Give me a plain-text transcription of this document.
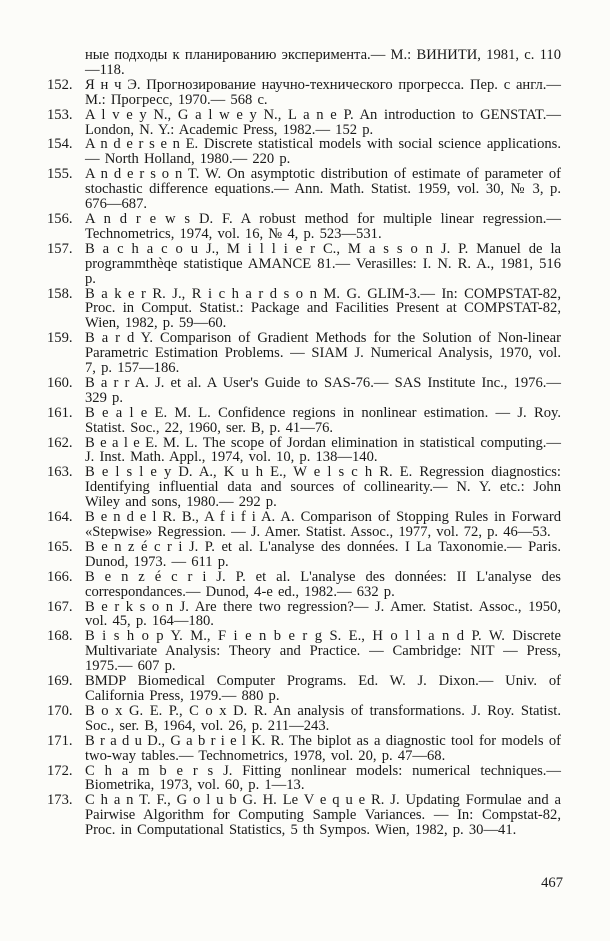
ные подходы к планированию эксперимента.— М.: ВИНИТИ, 1981, с. 110—118.

152. Я н ч Э. Прогнозирование научно-технического прогресса. Пер. с англ.— М.: Прогресс, 1970.— 568 с.

153. A l v e y N., G a l w e y N., L a n e P. An introduction to GENSTAT.— London, N. Y.: Academic Press, 1982.— 152 p.

154. A n d e r s e n E. Discrete statistical models with social science applications. — North Holland, 1980.— 220 p.

155. A n d e r s o n T. W. On asymptotic distribution of estimate of parameter of stochastic difference equations.— Ann. Math. Statist. 1959, vol. 30, № 3, p. 676—687.

156. A n d r e w s D. F. A robust method for multiple linear regression.— Technometrics, 1974, vol. 16, № 4, p. 523—531.

157. B a c h a c o u J., M i l l i e r C., M a s s o n J. P. Manuel de la programmthèqe statistique AMANCE 81.— Verasilles: I. N. R. A., 1981, 516 p.

158. B a k e r R. J., R i c h a r d s o n M. G. GLIM-3.— In: COMPSTAT-82, Proc. in Comput. Statist.: Package and Facilities Present at COMPSTAT-82, Wien, 1982, p. 59—60.

159. B a r d Y. Comparison of Gradient Methods for the Solution of Non-linear Parametric Estimation Problems. — SIAM J. Numerical Analysis, 1970, vol. 7, p. 157—186.

160. B a r r A. J. et al. A User's Guide to SAS-76.— SAS Institute Inc., 1976.— 329 p.

161. B e a l e E. M. L. Confidence regions in nonlinear estimation. — J. Roy. Statist. Soc., 22, 1960, ser. B, p. 41—76.

162. B e a l e E. M. L. The scope of Jordan elimination in statistical computing.— J. Inst. Math. Appl., 1974, vol. 10, p. 138—140.

163. B e l s l e y D. A., K u h E., W e l s c h R. E. Regression diagnostics: Identifying influential data and sources of collinearity.— N. Y. etc.: John Wiley and sons, 1980.— 292 p.

164. B e n d e l R. B., A f i f i A. A. Comparison of Stopping Rules in Forward «Stepwise» Regression. — J. Amer. Statist. Assoc., 1977, vol. 72, p. 46—53.

165. B e n z é c r i J. P. et al. L'analyse des données. I La Taxonomie.— Paris. Dunod, 1973. — 611 p.

166. B e n z é c r i J. P. et al. L'analyse des données: II L'analyse des correspondances.— Dunod, 4-e ed., 1982.— 632 p.

167. B e r k s o n J. Are there two regression?— J. Amer. Statist. Assoc., 1950, vol. 45, p. 164—180.

168. B i s h o p Y. M., F i e n b e r g S. E., H o l l a n d P. W. Discrete Multivariate Analysis: Theory and Practice. — Cambridge: NIT — Press, 1975.— 607 p.

169. BMDP Biomedical Computer Programs. Ed. W. J. Dixon.— Univ. of California Press, 1979.— 880 p.

170. B o x G. E. P., C o x D. R. An analysis of transformations. J. Roy. Statist. Soc., ser. B, 1964, vol. 26, p. 211—243.

171. B r a d u D., G a b r i e l K. R. The biplot as a diagnostic tool for models of two-way tables.— Technometrics, 1978, vol. 20, p. 47—68.

172. C h a m b e r s J. Fitting nonlinear models: numerical techniques.— Biometrika, 1973, vol. 60, p. 1—13.

173. C h a n T. F., G o l u b G. H. Le V e q u e R. J. Updating Formulae and a Pairwise Algorithm for Computing Sample Variances. — In: Compstat-82, Proc. in Computational Statistics, 5 th Sympos. Wien, 1982, p. 30—41.

467
